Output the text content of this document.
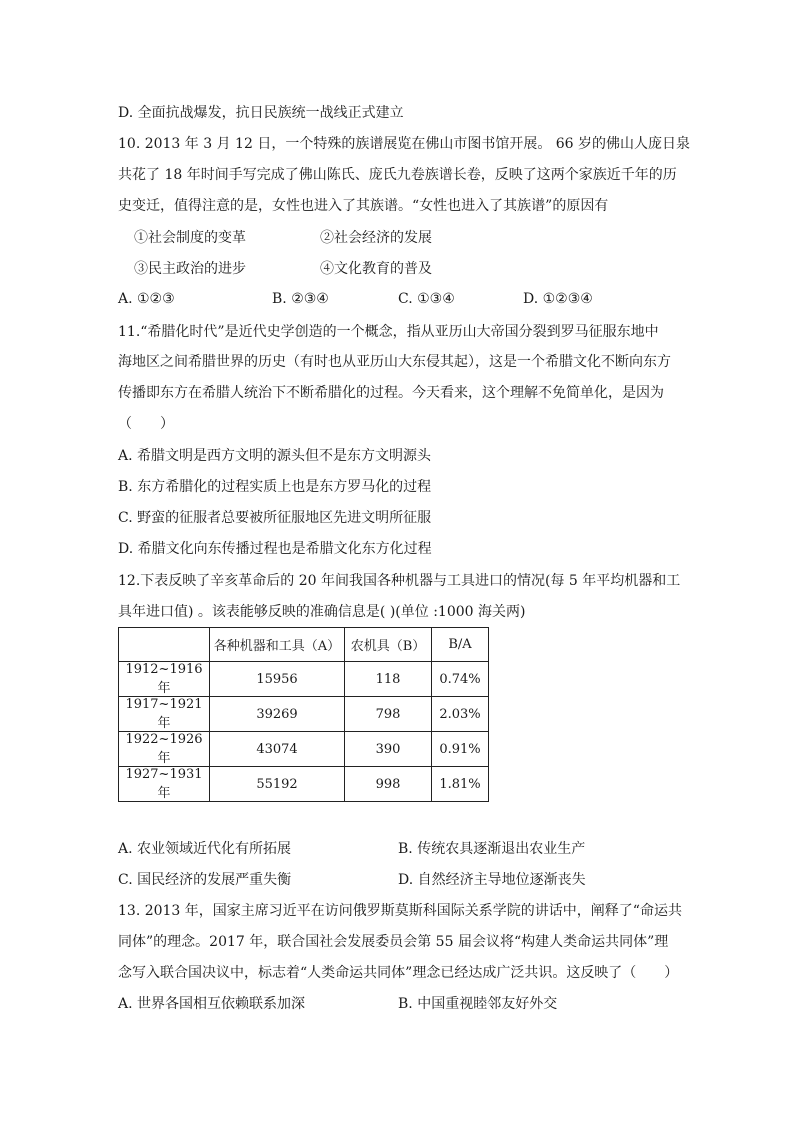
D. 全面抗战爆发，抗日民族统一战线正式建立
10. 2013 年 3 月 12 日，一个特殊的族谱展览在佛山市图书馆开展。 66 岁的佛山人庞日泉
共花了 18 年时间手写完成了佛山陈氏、庞氏九卷族谱长卷，反映了这两个家族近千年的历
史变迁，值得注意的是，女性也进入了其族谱。“女性也进入了其族谱”的原因有
①社会制度的变革	②社会经济的发展
③民主政治的进步	④文化教育的普及
A. ①②③	B. ②③④	C. ①③④	D. ①②③④
11.“希腊化时代”是近代史学创造的一个概念，指从亚历山大帝国分裂到罗马征服东地中
海地区之间希腊世界的历史（有时也从亚历山大东侵其起），这是一个希腊文化不断向东方
传播即东方在希腊人统治下不断希腊化的过程。今天看来，这个理解不免简单化，是因为
（　　）
A. 希腊文明是西方文明的源头但不是东方文明源头
B. 东方希腊化的过程实质上也是东方罗马化的过程
C. 野蛮的征服者总要被所征服地区先进文明所征服
D. 希腊文化向东传播过程也是希腊文化东方化过程
12.下表反映了辛亥革命后的 20 年间我国各种机器与工具进口的情况(每 5 年平均机器和工
具年进口值) 。该表能够反映的准确信息是( )(单位 :1000 海关两)
	各种机器和工具（A）	农机具（B）	B/A
1912~1916 年	15956	118	0.74%
1917~1921 年	39269	798	2.03%
1922~1926 年	43074	390	0.91%
1927~1931 年	55192	998	1.81%
A. 农业领域近代化有所拓展	B. 传统农具逐渐退出农业生产
C. 国民经济的发展严重失衡	D. 自然经济主导地位逐渐丧失
13. 2013 年，国家主席习近平在访问俄罗斯莫斯科国际关系学院的讲话中，阐释了“命运共
同体”的理念。2017 年，联合国社会发展委员会第 55 届会议将“构建人类命运共同体”理
念写入联合国决议中，标志着“人类命运共同体”理念已经达成广泛共识。这反映了（　　）
A. 世界各国相互依赖联系加深	B. 中国重视睦邻友好外交
